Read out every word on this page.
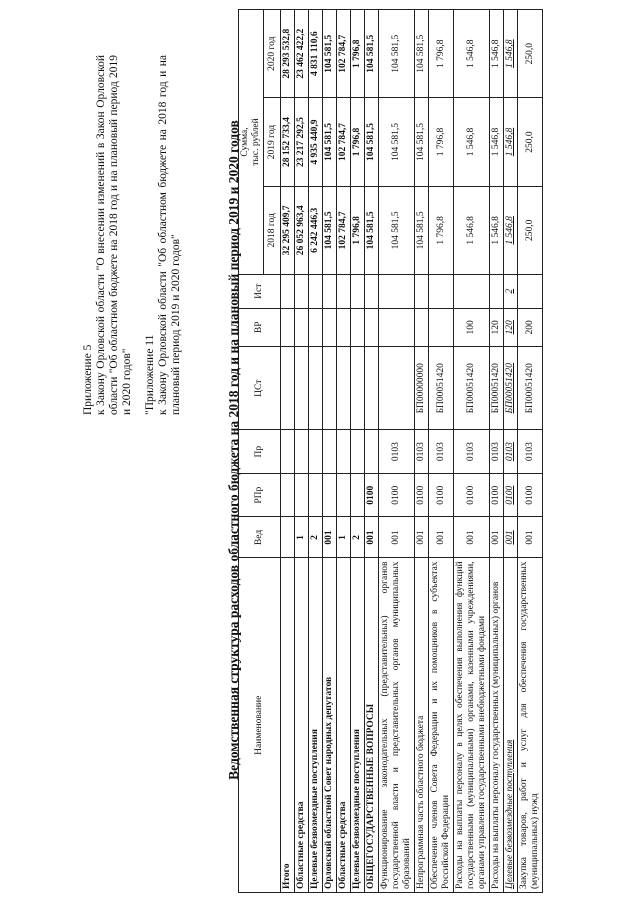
Приложение 5
к Закону Орловской области "О внесении изменений в Закон Орловской области "Об областном бюджете на 2018 год и на плановый период 2019 и 2020 годов" "Приложение 11
к Закону Орловской области "Об областном бюджете на 2018 год и на плановый период 2019 и 2020 годов"	Ведомственная структура расходов областного бюджета на 2018 год и на плановый период 2019 и 2020 годов Наименование	Вед	РПр	Пр	ЦСт	ВР	Ист	Сумма,
тыс. рублей		
							2018 год	2019 год	2020 год

Итого							32 295 409,7	28 152 733,4	28 293 532,8
Областные средства	1						26 052 963,4	23 217 292,5	23 462 422,2
Целевые безвозмездные поступления	2						6 242 446,3	4 935 440,9	4 831 110,6
Орловский областной Совет народных депутатов	001						104 581,5	104 581,5	104 581,5
Областные средства	1						102 784,7	102 784,7	102 784,7
Целевые безвозмездные поступления	2						1 796,8	1 796,8	1 796,8
ОБЩЕГОСУДАРСТВЕННЫЕ ВОПРОСЫ	001	0100					104 581,5	104 581,5	104 581,5
Функционирование законодательных (представительных) органов государственной власти и представительных органов муниципальных образований	001	0100	0103				104 581,5	104 581,5	104 581,5
Непрограммная часть областного бюджета	001	0100	0103	БП00000000			104 581,5	104 581,5	104 581,5
Обеспечение членов Совета Федерации и их помощников в субъектах Российской Федерации	001	0100	0103	БП00051420			1 796,8	1 796,8	1 796,8
Расходы на выплаты персоналу в целях обеспечения выполнения функций государственными (муниципальными) органами, казенными учреждениями, органами управления государственными внебюджетными фондами	001	0100	0103	БП00051420	100		1 546,8	1 546,8	1 546,8
Расходы на выплаты персоналу государственных (муниципальных) органов	001	0100	0103	БП00051420	120		1 546,8	1 546,8	1 546,8
Целевые безвозмездные поступления	001	0100	0103	БП00051420	120	2	1 546,8	1 546,8	1 546,8
Закупка товаров, работ и услуг для обеспечения государственных (муниципальных) нужд	001	0100	0103	БП00051420	200		250,0	250,0	250,0
